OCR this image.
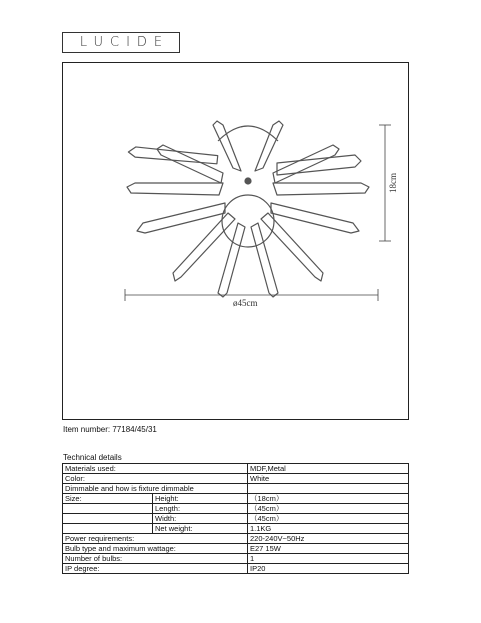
LUCIDE
ø45cm
18cm
Item number: 77184/45/31
Technical details
Materials used:		MDF,Metal
Color:		White
Dimmable and how is fixture dimmable		
Size:	Height:	（18cm）
	Length:	（45cm）
	Width:	（45cm）
	Net weight:	1.1KG
Power requirements:		220-240V~50Hz
Bulb type and maximum wattage:		E27 15W
Number of bulbs:		1
IP degree:		IP20
